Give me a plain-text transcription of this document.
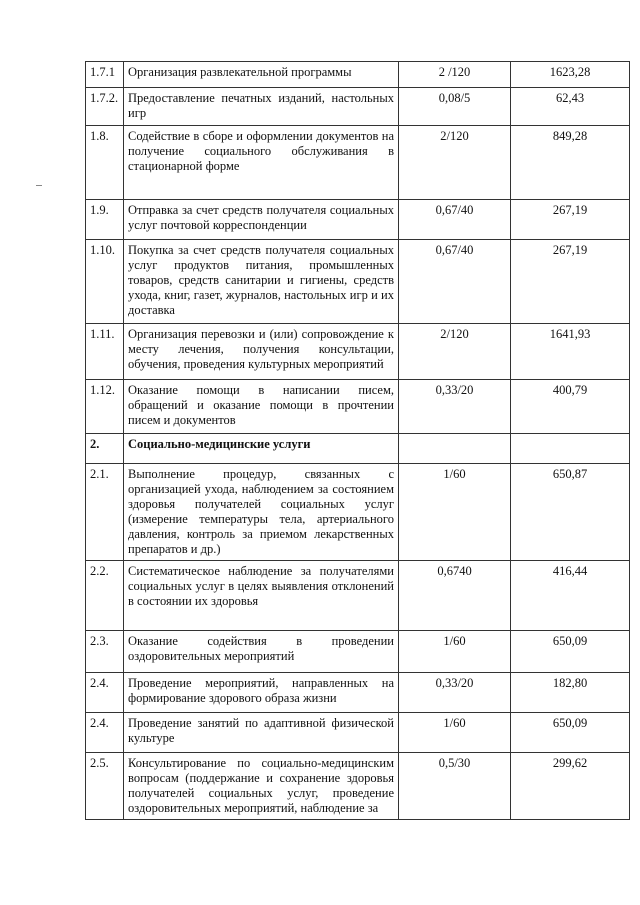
1.7.1	Организация развлекательной программы	2 /120	1623,28
1.7.2.	Предоставление печатных изданий, настольных игр	0,08/5	62,43
1.8.	Содействие в сборе и оформлении документов на получение социального обслуживания в стационарной форме	2/120	849,28
1.9.	Отправка за счет средств получателя социальных услуг почтовой корреспонденции	0,67/40	267,19
1.10.	Покупка за счет средств получателя социальных услуг продуктов питания, промышленных товаров, средств санитарии и гигиены, средств ухода, книг, газет, журналов, настольных игр и их доставка	0,67/40	267,19
1.11.	Организация перевозки и (или) сопровождение к месту лечения, получения консультации, обучения, проведения культурных мероприятий	2/120	1641,93
1.12.	Оказание помощи в написании писем, обращений и оказание помощи в прочтении писем и документов	0,33/20	400,79
2.	Социально-медицинские услуги		
2.1.	Выполнение процедур, связанных с организацией ухода, наблюдением за состоянием здоровья получателей социальных услуг (измерение температуры тела, артериального давления, контроль за приемом лекарственных препаратов и др.)	1/60	650,87
2.2.	Систематическое наблюдение за получателями социальных услуг в целях выявления отклонений в состоянии их здоровья	0,6740	416,44
2.3.	Оказание содействия в проведении оздоровительных мероприятий	1/60	650,09
2.4.	Проведение мероприятий, направленных на формирование здорового образа жизни	0,33/20	182,80
2.4.	Проведение занятий по адаптивной физической культуре	1/60	650,09
2.5.	Консультирование по социально-медицинским вопросам (поддержание и сохранение здоровья получателей социальных услуг, проведение оздоровительных мероприятий, наблюдение за	0,5/30	299,62
